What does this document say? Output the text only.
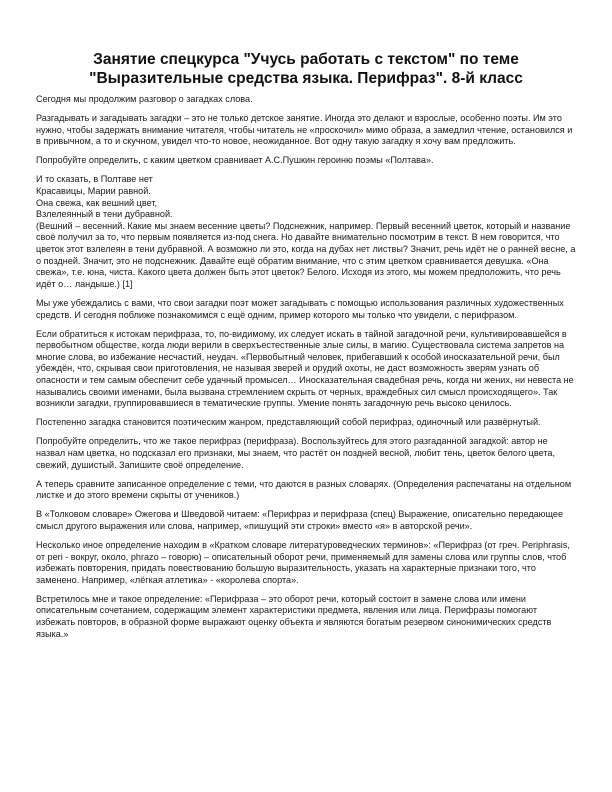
Занятие спецкурса "Учусь работать с текстом" по теме "Выразительные средства языка. Перифраз". 8-й класс

Сегодня мы продолжим разговор о загадках слова.

Разгадывать и загадывать загадки – это не только детское занятие. Иногда это делают и взрослые, особенно поэты. Им это нужно, чтобы задержать внимание читателя, чтобы читатель не «проскочил» мимо образа, а замедлил чтение, остановился и в привычном, а то и скучном, увидел что-то новое, неожиданное. Вот одну такую загадку я хочу вам предложить.

Попробуйте определить, с каким цветком сравнивает А.С.Пушкин героиню поэмы «Полтава».

И то сказать, в Полтаве нет
Красавицы, Марии равной.
Она свежа, как вешний цвет,
Взлелеянный в тени дубравной.

(Вешний – весенний. Какие мы знаем весенние цветы? Подснежник, например. Первый весенний цветок, который и название своё получил за то, что первым появляется из-под снега. Но давайте внимательно посмотрим в текст. В нем говорится, что цветок этот взлелеян в тени дубравной. А возможно ли это, когда на дубах нет листвы? Значит, речь идёт не о ранней весне, а о поздней. Значит, это не подснежник. Давайте ещё обратим внимание, что с этим цветком сравнивается девушка. «Она свежа», т.е. юна, чиста. Какого цвета должен быть этот цветок? Белого. Исходя из этого, мы можем предположить, что речь идёт о… ландыше.) [1]

Мы уже убеждались с вами, что свои загадки поэт может загадывать с помощью использования различных художественных средств. И сегодня поближе познакомимся с ещё одним, пример которого мы только что увидели, с перифразом.

Если обратиться к истокам перифраза, то, по-видимому, их следует искать в тайной загадочной речи, культивировавшейся в первобытном обществе, когда люди верили в сверхъестественные злые силы, в магию. Существовала система запретов на многие слова, во избежание несчастий, неудач. «Первобытный человек, прибегавший к особой иносказательной речи, был убеждён, что, скрывая свои приготовления, не называя зверей и орудий охоты, не даст возможность зверям узнать об опасности и тем самым обеспечит себе удачный промысел… Иносказательная свадебная речь, когда ни жених, ни невеста не назывались своими именами, была вызвана стремлением скрыть от черных, враждебных сил смысл происходящего». Так возникли загадки, группировавшиеся в тематические группы. Умение понять загадочную речь высоко ценилось.

Постепенно загадка становится поэтическим жанром, представляющий собой перифраз, одиночный или развёрнутый.

Попробуйте определить, что же такое перифраз (перифраза). Воспользуйтесь для этого разгаданной загадкой: автор не назвал нам цветка, но подсказал его признаки, мы знаем, что растёт он поздней весной, любит тень, цветок белого цвета, свежий, душистый. Запишите своё определение.

А теперь сравните записанное определение с теми, что даются в разных словарях. (Определения распечатаны на отдельном листке и до этого времени скрыты от учеников.)

В «Толковом словаре» Ожегова и Шведовой читаем: «Перифраз и перифраза (спец) Выражение, описательно передающее смысл другого выражения или слова, например, «пишущий эти строки» вместо «я» в авторской речи».

Несколько иное определение находим в «Кратком словаре литературоведческих терминов»: «Перифраз (от греч. Periphrasis, от peri - вокруг, около, phrazo – говорю) – описательный оборот речи, применяемый для замены слова или группы слов, чтоб избежать повторения, придать повествованию большую выразительность, указать на характерные признаки того, что заменено. Например, «лёгкая атлетика» - «королева спорта».

Встретилось мне и такое определение: «Перифраза – это оборот речи, который состоит в замене слова или имени описательным сочетанием, содержащим элемент характеристики предмета, явления или лица. Перифразы помогают избежать повторов, в образной форме выражают оценку объекта и являются богатым резервом синонимических средств языка.»
